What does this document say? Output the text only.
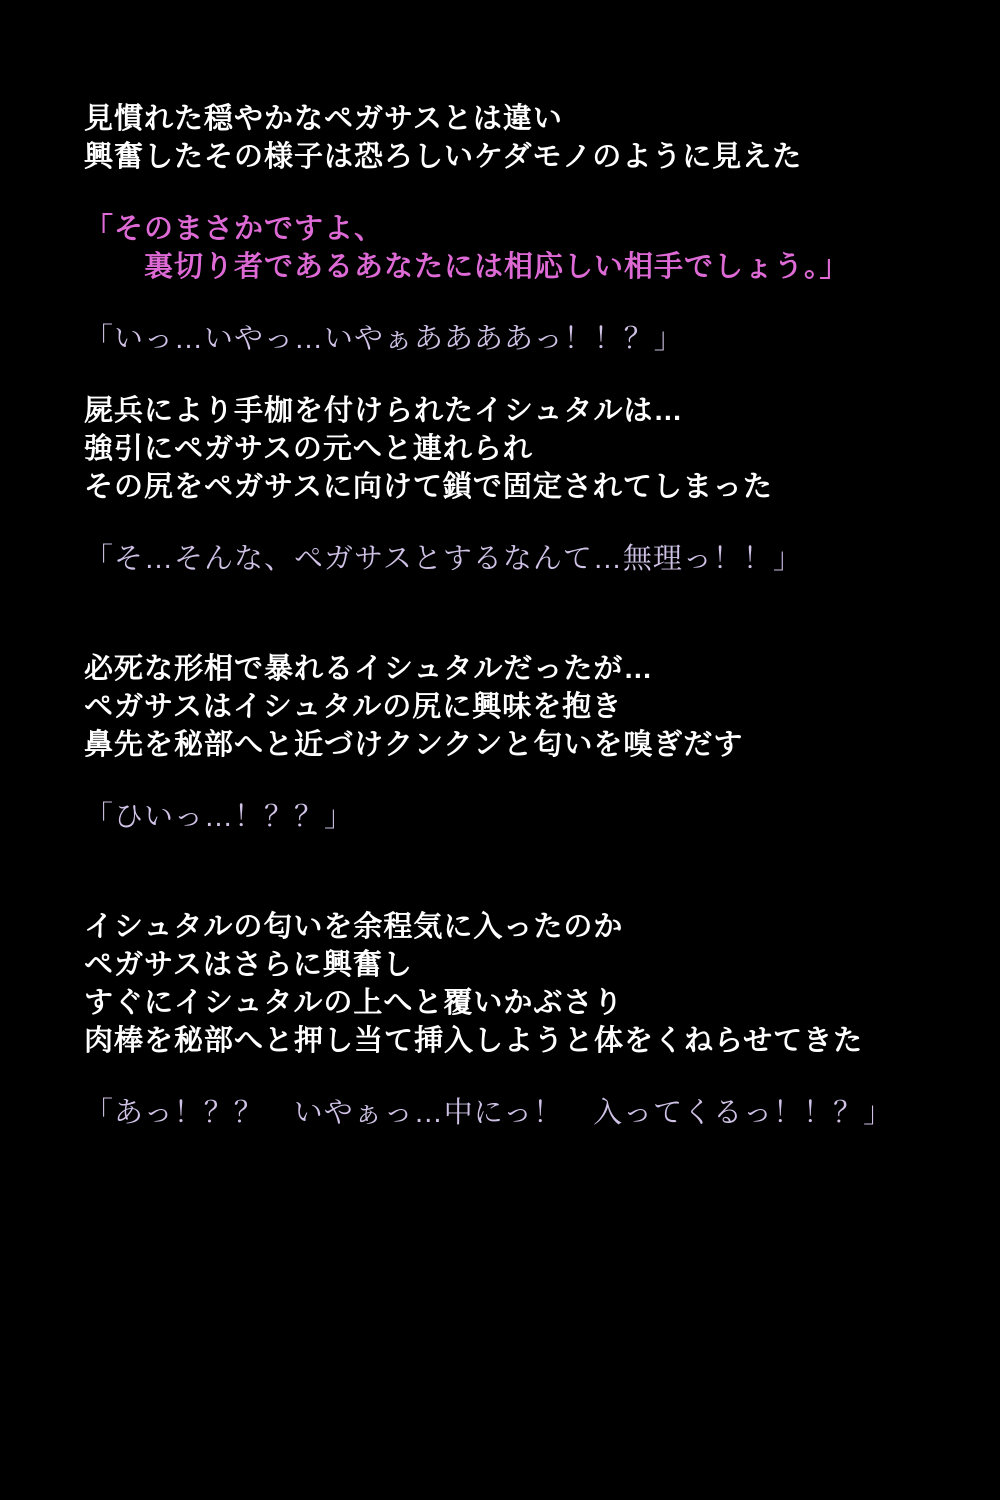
見慣れた穏やかなペガサスとは違い
興奮したその様子は恐ろしいケダモノのように見えた
「そのまさかですよ、
　　裏切り者であるあなたには相応しい相手でしょう。」
「いっ…いやっ…いやぁああああっ！！？」
屍兵により手枷を付けられたイシュタルは…
強引にペガサスの元へと連れられ
その尻をペガサスに向けて鎖で固定されてしまった
「そ…そんな、ペガサスとするなんて…無理っ！！」
必死な形相で暴れるイシュタルだったが…
ペガサスはイシュタルの尻に興味を抱き
鼻先を秘部へと近づけクンクンと匂いを嗅ぎだす
「ひいっ…！？？」
イシュタルの匂いを余程気に入ったのか
ペガサスはさらに興奮し
すぐにイシュタルの上へと覆いかぶさり
肉棒を秘部へと押し当て挿入しようと体をくねらせてきた
「あっ！？？　いやぁっ…中にっ！　入ってくるっ！！？」
